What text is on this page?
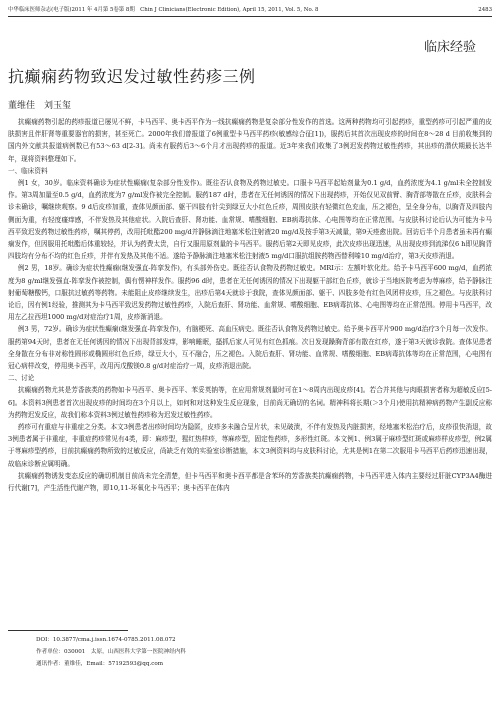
中华临床医师杂志(电子版)2011 年 4月第 5卷第 8期　Chin J Clinicians(Electronic Edition), April 15, 2011, Vol. 5, No. 8	2483
临床经验
抗癫痫药物致迟发过敏性药疹三例
董维佳　刘玉玺

抗癫痫药物引起的药疹报道已屡见不鲜，卡马西平、奥卡西平作为一线抗癫痫药物是复杂部分性发作的首选。这两种药物均可引起药疹，重型药疹可引起严重的皮肤损害且伴肝肾等重要器官的损害，甚至死亡。2000年我们曾报道了6例重型卡马西平药疹(敏感综合征[1])，服药后其首次出现皮疹的时间在8～28 d 目前收集到的国内外文献共报道病例数已有53～63 d[2-3]。尚未有服药后3～6个月才出现药疹的报道。近3年来我们收集了3例迟发药物过敏性药疹，其出疹的潜伏期最长达半年，现将资料整理如下。

一、临床资料

例1 女，30岁。临床资料确诊为症状性癫痫(复杂部分性发作)。既往否认食物及药物过敏史。口服卡马西平起始剂量为0.1 g/d，血药浓度为4.1 g/ml未全控制发作。第3周加量至0.5 g/d，血药浓度为7 g/ml发作被完全控制。服药187 d时，患者在无任何诱因的情况下出现药疹，开始仅见双前臂、胸背部等散在丘疹，皮肤科会诊未确诊，嘱继续观察。9 d后皮疹加重，查体见颜面部、躯干四肢有针尖到绿豆大小红色丘疹，周围皮肤有轻微红色充血，压之褪色，呈全身分布，以胸背及四肢内侧面为重，有轻度瘙痒感，不伴发热及其他症状。入院后查肝、肾功能、血常规、嗜酸细胞、EB病毒抗体、心电图等均在正常范围。与皮肤科讨论后认为可能为卡马西平致迟发药物过敏性药疹，嘱其停药，改用托吡酯200 mg/d并静脉滴注地塞米松注射液20 mg/d及按手第3天减量，第9天痊愈出院。回访后半个月患者虽未再有癫痫发作，但因服用托吡酯后体重较轻，并认为药费太贵，自行又服用原剂量的卡马西平。服药后第2天即见皮疹，此次皮疹出现迅速，从出现皮疹到流涕仅6 h即见胸背四肢均有分布不均的红色丘疹，并伴有发热及其他不适。遂给予静脉滴注地塞米松注射液5 mg/d口服抗组胺药物西替利嗪10 mg/d治疗，第3天皮疹消退。

例2 男，18岁。确诊为症状性癫痫(继发强直-阵挛发作)，有头部外伤史。既往否认食物及药物过敏史。MRI示：左额叶软化灶。给予卡马西平600 mg/d，血药浓度为8 g/ml继发强直-阵挛发作被控制，偶有愣神样发作。服药96 d时，患者在无任何诱因的情况下出现躯干部红色丘疹，就诊于当地医院考虑为荨麻疹，给予静脉注射葡萄糖酸钙，口服抗过敏药等药物。未能阻止皮疹继续发生，出疹后第4天就诊于我院，查体见颜面部、躯干、四肢多处有红色风团样皮疹，压之褪色。与皮肤科讨论后，因有例1经验，推测其为卡马西平致迟发药物过敏性药疹，入院后查肝、肾功能、血常规、嗜酸细胞、EB病毒抗体、心电图等均在正常范围。停用卡马西平，改用左乙拉西坦1000 mg/d对症治疗1周，皮疹渐消退。

例3 男，72岁。确诊为症状性癫痫(继发强直-阵挛发作)，有脑梗死、高血压病史。既往否认食物及药物过敏史。给予奥卡西平片900 mg/d治疗3个月每一次发作。服药第94天时，患者在无任何诱因的情况下出现背部发痒，影响睡眠，搔抓后家人可见有红色抓痕。次日发现躁胸背部有散在红疹，遂于第3天就诊我院。查体见患者全身散在分布非对称性圆形或椭圆形红色丘疹，绿豆大小，互不融合，压之褪色。入院后查肝、肾功能、血常规、嗜酸细胞、EB病毒抗体等均在正常范围，心电图有冠心病样改变，停用奥卡西平，改用丙戊酸镁0.8 g/d对症治疗一周，皮疹消退出院。

二、讨论

抗癫痫药物尤其是芳香族类的药物如卡马西平、奥卡西平、苯妥英钠等，在应用常规剂量时可在1～8周内出现皮疹[4]。若合并其他与肉眼损害者称为超敏反应[5-6]。本资料3例患者首次出现皮疹的时间均在3个月以上，如何和对这种发生反应现象，目前尚无确切的名词。精神科将长期(＞3个月)使用抗精神病药物产生副反应称为药物迟发反应，故我们称本资料3例过敏性药疹称为迟发过敏性药疹。

药疹可有重症与非重症之分类。本文3例患者出疹时间均为隐匿，皮疹多未融合呈片状，未见破溃，不伴有发热及内脏损害，经地塞米松治疗后，皮疹很快消退，故3例患者属于非重症，非重症药疹常见有4类，即：麻疹型，猩红热样疹，荨麻疹型，固定性药疹，多形性红斑。本文例1、例3属于麻疹型红斑或麻疹样皮疹型，例2属于荨麻疹型药疹，目前抗癫痫药物所致的过敏反应，尚缺乏有效的实验室诊断措施，本文3例资料均与皮肤科讨论，尤其是例1在第二次服用卡马西平后药疹迅速出现，故临床诊断应属明确。

抗癫痫药物诱发变态反应的确切机制目前尚未完全清楚，但卡马西平和奥卡西平都是含苯环的芳香族类抗癫痫药物，卡马西平进入体内主要经过肝脏CYP3A4酶进行代谢[7]，产生活性代谢产物，即10,11-环氧化卡马西平；奥卡西平在体内

DOI：10.3877/cma.j.issn.1674-0785.2011.08.072
作者单位：030001　太原，山西医科大学第一医院神经内科
通讯作者：董维佳，Email：57192593@qq.com
